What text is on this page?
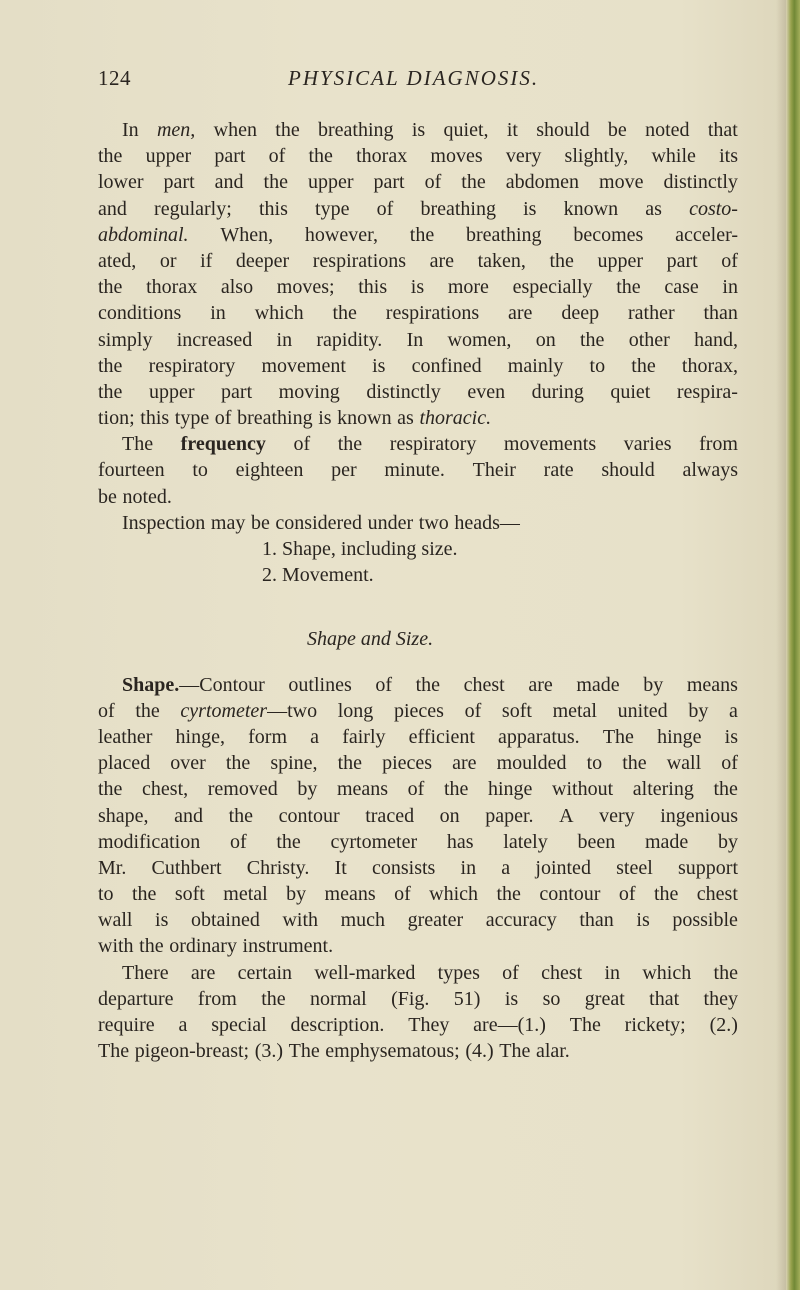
124	PHYSICAL DIAGNOSIS.
In men, when the breathing is quiet, it should be noted that
the upper part of the thorax moves very slightly, while its
lower part and the upper part of the abdomen move distinctly
and regularly; this type of breathing is known as costo-
abdominal. When, however, the breathing becomes acceler-
ated, or if deeper respirations are taken, the upper part of
the thorax also moves; this is more especially the case in
conditions in which the respirations are deep rather than
simply increased in rapidity. In women, on the other hand,
the respiratory movement is confined mainly to the thorax,
the upper part moving distinctly even during quiet respira-
tion; this type of breathing is known as thoracic.
The frequency of the respiratory movements varies from
fourteen to eighteen per minute. Their rate should always
be noted.
Inspection may be considered under two heads—
1. Shape, including size.
2. Movement.
Shape and Size.
Shape.—Contour outlines of the chest are made by means
of the cyrtometer—two long pieces of soft metal united by a
leather hinge, form a fairly efficient apparatus. The hinge is
placed over the spine, the pieces are moulded to the wall of
the chest, removed by means of the hinge without altering the
shape, and the contour traced on paper. A very ingenious
modification of the cyrtometer has lately been made by
Mr. Cuthbert Christy. It consists in a jointed steel support
to the soft metal by means of which the contour of the chest
wall is obtained with much greater accuracy than is possible
with the ordinary instrument.
There are certain well-marked types of chest in which the
departure from the normal (Fig. 51) is so great that they
require a special description. They are—(1.) The rickety; (2.)
The pigeon-breast; (3.) The emphysematous; (4.) The alar.
